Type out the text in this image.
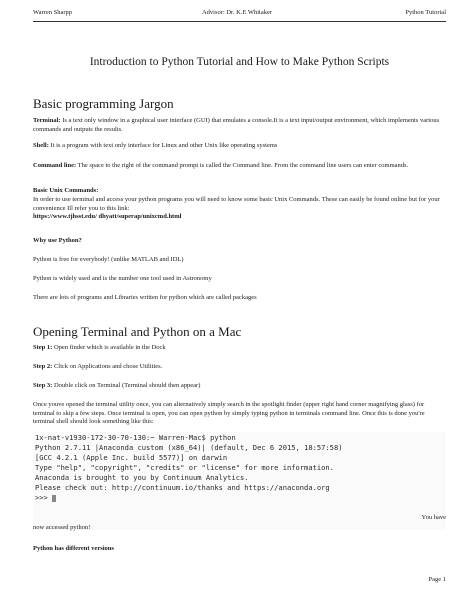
Warren Sharpp	Advisor: Dr. K.E Whitaker	Python Tutorial
Introduction to Python Tutorial and How to Make Python Scripts
Basic programming Jargon
Terminal: Is a text only window in a graphical user interface (GUI) that emulates a console.It is a text input/output environment, which implements various commands and outputs the results.
Shell: It is a program with text only interface for Linux and other Unix like operating systems
Command line: The space to the right of the command prompt is called the Command line. From the command line users can enter commands.
Basic Unix Commands:
In order to use terminal and access your python programs you will need to know some basic Unix Commands. These can easily be found online but for your convenience Ill refer you to this link:
https://www.tjhsst.edu/ dhyatt/superap/unixcmd.html
Why use Python?
Python is free for everybody! (unlike MATLAB and IDL)
Python is widely used and is the number one tool used in Astronomy
There are lots of programs and Libraries written for python which are called packages
Opening Terminal and Python on a Mac
Step 1: Open finder which is available in the Dock
Step 2: Click on Applications and chose Utilities.
Step 3: Double click on Terminal (Terminal should then appear)
Once youve opened the terminal utility once, you can alternatively simply search in the spotlight finder (upper right hand corner magnifying glass) for terminal to skip a few steps. Once terminal is open, you can open python by simply typing python in terminals command line. Once this is done you're terminal shell should look something like this:
1x-nat-v1930-172-30-70-130:~ Warren-Mac$ python
Python 2.7.11 |Anaconda custom (x86_64)| (default, Dec 6 2015, 18:57:58)
[GCC 4.2.1 (Apple Inc. build 5577)] on darwin
Type "help", "copyright", "credits" or "license" for more information.
Anaconda is brought to you by Continuum Analytics.
Please check out: http://continuum.io/thanks and https://anaconda.org
>>>
You have
now accessed python!
Python has different versions
Page 1
